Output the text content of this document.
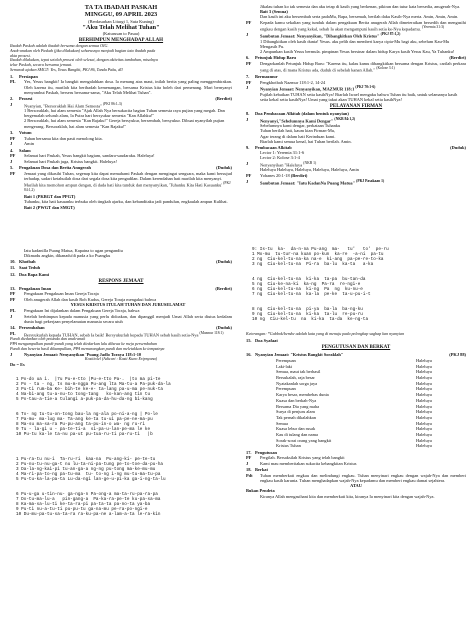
TA TA IBADAH PASKAH
MINGGU, 09 APRIL 2023
(Berdasarkan Liturgi 1, Suta Kuning)
"Aku Telah Melihat Tuhan"
(Katurusan to Pasaa)
BERHIMPUN MENGHADAP ALLAH
Ibadah Paskah adalah ibadah bersama dengan semua OIG.
Anak-anakan oleh Paskah (jika dilakukan) seharusnya menjadi bagian tata ibadah pada
akta prosesi.
Ibadah dilakukan, tepat setelah prosesi oleh selesai, dengan aktivitas tambahan, misalnya
telur Paskah, secara bersama jemaat.
Semarak ajakan SMGT: Yes, Yesus Bangkit, PKJ 86, Tanda Paku, dll
1.	Persiapan
PL	Yes, Yesus bangkit! Ia bangkit mengalahkan dosa. Ia menang atas maut, inilah berita yang paling menggembirakan. Oleh karena itu, marilah kita beribadah kemenangan, bersama Kristus kita boleh dari pemenang. Mari bernyanyi menyambut Paskah, berseru bersama-sama, "Aku Telah Melihat Tuhan".
2.	Prosesi	(Berdiri)
J	Nyanyian, "Bersoraklah Hai Alam Semesta" $^{(PKJ 86:1-3)}$
1 Bersoraklah, hai alam semesta "Ajak Allah Nya bersukacita bagian Tuhan semesta raya pujian yang megah. Dan bergemalah seluruh alam, Ia Putra hari bersyukur semesta "Kan Allahku!"
2 Bersoraklah, hai alam semesta "Kan Rajaku!" Gereja bersyukur, bersembah, bersyukur. Dibuat nyanyilah pujian mengerang. Bersoraklah, hai alam semesta "Kan Rajaku!"
3.	Votum
PF	Tuhan bersama kita dan pasti menolong kita.
J	Amin
4.	Salam
PF	Selamat hari Paskah, Yesus bangkit bagiam, sandara-saudaraku. Haleluya!
J	Selamat hari Paskah juga, Kristus bangkit. Haleluya!
5.	Pengakuan Dosa dan Berita Anugerah	(Duduk)
PF	Jemaat yang dikasihi Tuhan, segenap kita dapat memahami Paskah dengan mengingat sengsara, maka kami bersujud terhadap, sadari ketahuilah dosa dari segala dosa kita pengadilan. Dalam kerendahan hati marilah kita menyanyi.
Marilah kita memohon ampun dengan, di dada hati kita tunduk dan menyanyikan, 'Tuhanku Kita Hati Kasuanku' $^{(PKJ 84:1,2)}$
Bait 1 (PKBGT dan PPGT)
Tuhanku, kita hati kasuanku terbuka oleh tingkah ajarku, dan kebanditaku jadi pandulun, engkaulah ampun Kulihat.
Bait 2 (PWGT dan SMGT)
Iatu kadanilla Puang Matua, Kapaina to ugan pengandiu
Dikmadu angkin, dikanadu'di pada a ko Puangku
10. Khotbah	(Duduk)
11. Saat Teduh
12. Doa Bapa Kami
RESPONS JEMAAT
13. Pengakuan Iman	(Berdiri)
PF	Pengakuan Pengakuan Iman Gereja Toraja
PF	Oleh anugerah Allah dan kasih Roh Kudus, Gereja Toraja mengakui bahwa
YESUS KRISTUS ITULAH TUHAN DAN JURUSELAMAT
PL	Pengakuan Ini dijalankan dalam Pengakuan Gereja Toraja, bahwa
J	Setelah berhimpun kepada manusia yang perlu didoakan, dan dipanggil menjadi Umat Allah serta diutus kedalam dunia bagi pekerjaan penyelamatan manusia secara utuh
14. Persembahan	(Duduk)
PL	Bersyukurlah kepada TUHAN, sebab Ia baik! Bersyukurlah kepada TUHAN sebab kasih setia-Nya $^{(Mazmur 118:1)}$
Pundi diedarkan oleh petunda dan anak-anak
PPA mengumpulkan pundi-pundi yang telah diedarkan lalu dibawa ke meja persembahan
Pundi dan beserta hasil dikumpulkan, PPA memarangkan pundi dan meletakkan ke tempatnya
J	Nyanyian Jemaat: Nenyanyikan 'Puang Jadlo Toraya 118:1-10
Kositiolel (Adicari : Kasti Kuno Eripnyana)
Do = Es

1 Po-do ua i.  |7u Pu-e-tto |Pu-e-tto Pa-.  |to ma pi-te
2 Po - ta - ng, ts mu-m-ngga Pu-ang lta Ma-tu-a Pa-puk-da-la
3 Pu-ti rum-ba Ke- bih-te ke-e- ta-lang pa-u-ma pe-nuk-ta
4 Na-bi-ang tu-a-nu-to tong-tang   ko-kan-ang tin tu
5 Po-tau-a-tie-a tulangi a-puk-pa-da-hu-da-ng bi-kang

6 To- ng tu-tu-on-tong bau-la ng-ala po-ni-a-ng | Po-le
7 Pa-mu- ma-lug ma- Ta-ang ke-ta tu-ui pa-pe-ne-ma-pu
8 Ma-su ma-sa-ra Pu-pu-ang ta-pu-in-o wa- ng ru-ri
9 Tu - la-gi u - pa-te-ti-a  si-pa-u-lan-pe-ma le ke
10 Pu-tu ka-le ta-nu pa-ut pu-tua-ru-ti pa-ru-ti   |b

1 Pu-ra-tu nu-i  Ta-ru-ri  kaa-na  Pu-ang-ki- pe-te-tu
2 Pu-nu-tu-nu-ga-t nu lu-ta-ni-pa-tung pe-to-toe-da-pu-ha
3 Da-la-ng-kai-pi tu-an-ga-a ng-ng pu-tong ma-ke-mu-mu
4 Ma-ri-pa-to-ng pa-tu-ma  tu- to-ng i-ng mu-tu-ma-tu-pa
5 Pu-tu-ka-la-pa-ta Lu-da-ngi lan-ge-u-pi-ka ga-i-ng-ta-lu

6 Pu-u-ga u-tin-nu- ga-nga-n Pa-ong-a ma-ta-ru-pa-ra-pa
7 Do-tu-ma-lu-a   pin-gang-a  Pa-ka-ra-pe-te ku-pa-sa-ma
8 Ka-ma-sa-lu-ti ke-ta-ra-pi pa-ta-ta pa-no-ta ya-ba
9 Pu-ti nu-a-tu-ti pu-pu-tu ga-na-mu pe-ra-po-ngi-e
10 Du-mu-pa-tu-sa-ta-ra ra-ku-pa-ne a-lam-a-ta le-ra-kin

Jikalau tuhan ko tak semesta dan aku tetap di kasih yang berkenan, pikiran dan tutur kata bersedia, anugerah-Nya.
Bait 3 (Semua)
Dan kasih ini aku bersembah serta padaMu, Bapa, bersemah, berilah daku Kasih-Nya merta. Amin, Amin, Amin.
PF	Kepada kamu sekalian yang tunduk dalam pengakuan Berita anugerah Allah dimeteraikan bersedih dan mengasihi engkau dengan kasih yang kekal, sebab Ia akan mengampuni kasih setia ke-Nya kepadamu. $^{(Yeremia 31:3)}$
J	Sambutan Jemaat: Nenyanyikan, "Dibangkitkan Oleh Kristus" $^{(PKJ 87:1,2)}$
1 Dibangkitkan oleh kasih dunia! Yesus. aku pelih dan memberi karya cipta-Mu bagi aku, sebelum Kau-Mu Mengasih Pu.
2 Ampunkan kasih Yesus bermula. pimpinan Yesus bersinar dalam hidup Karya kasih Yesus Kau, Ya Tuhanku!
6.	Petunjuk Hidup Baru	(Berdiri)
PF	Dengarkanlah Petunjuk Hidup Baru: "Karena itu, kalau kamu dibangkitkan bersama dengan Kristus, carilah perkara yang di atas, di mana Kristus ada, duduk di sebelah kanan Allah." $^{(Kolose 3:1)}$
7.	Bermazmur
PF	Pengkhotbah Nazmur 118:1-2, 14-24
J	Nyanyian Jemaat: Nenyanyikan, MAZMUR 118:1 $^{(PKJ 70:1-6)}$
Pujilah kebaikan TUHAN setia kasihNya! Biarlah Israel mengaku bahwa Tuhan itu baik, untuk selamanya kasih setia kekal setia kasihNya! Umat yang takut akan TUHAN kekal setia kasihNya!
PELAYANAN FIRMAN
8.	Doa Pembacaan Alkitab (dalam bentuk nyanyian)
J	Nenyanyi,"Sebelumnya Kami Dengar" $^{(NKB 84:1,2)}$
Sebelumnya kami dengar, perkataan Tuhanku
Tuhan berilah hati, kaum kian Firman-Mu,
Agar terang di dalam hati Kerinduan kami.
Biarlah kami semua kenal, hai Tuhan berilah. Amin.
9.	Pembacaan Alkitab	(Duduk)
Lector 1: Yeremia 31:1-6
Lector 2: Kolose 3:1-4
J	Nenyanyikan "Haleluya $^{(NKB 1)}$
Haleluya Haleluya, Haleluya, Haleluya, Haleluya, Amin
PF	Yohanes 20:1-18 (Berdiri)
J	Sambutan Jemaat: "Iatu KadanNa Puang Matua" $^{(PKJ Pasakaan 1)}$

9: Is-tu  ka-  da-n-na Pu-ang  ma-   tu'   to'  pe-ru
1 Mo-mu  tu-tur-na kuan po-kun  ka-re  -a-ni  pa-tu
2 ng  Ciu-kel-tu-na-ka na-e  ki-ang  pa-pe-re-to-ka
3 ng  Ciu-kel-tu-na  Pi-ra  ba-lu  ka-ta   a-ka

4 ng  Ciu-kel-tu-na  ki-ka  ta-pa  bu-tan-da
5 ng  Ciu-ke-na-ki  ka-ng  Pa-ra  re-ngi-e
6 ng  Ciu-kel-tu-na  ki-ng  Pa  ng  ku-nu-e
7 ng  Ciu-kel-tu-na  ka-la  pe-ke  ta-u-pu-i-t

8 ng  Ciu-kel-tu-na  pi-ya  ba-la  ba-ng-ku
9 ng  Ciu-kel-tu-na  ki-ka  ta-lu  re-pu-ru
10 ng  Ciu-kel-tu  na  ki-ka  ta-da  ke-ng-ta

Keterangan: *Gabbok/bembe adalah kata yang di menuju pada pelengkap saghap kan nyanyian
15. Doa Syafaat
PENGUTUSAN DAN BERKAT
16. Nyanyian Jemaat: "Kristus Bangkit Soraklah"	(PKJ 88)
Perempuan	Haleluya
Laki-laki	Haleluya
Semua, maut tak berhasil	Haleluya
Bersukalah, raja besar	Haleluya
Nyatakanlah sorga jaya	Haleluya
Perempuan	Haleluya
Karya besar, membebas dunia	Haleluya
Kuasa dan berkah-Nya	Haleluya
Bersama Dia yang maha	Haleluya
Surya di penjuru alam	Haleluya
Tak pernah dikalahkan	Haleluya
Semua	Haleluya
Kuasa lebur dan rusak	Haleluya
Kau di tulang dan nama	Haleluya
Sorak-sorai orang yang bangkit	Haleluya
Kristus Tuhan	Haleluya
17. Pengutusan
PF	Pergilah. Bersaksilah Kristus yang telah bangkit
J	Kami mau memberitakan sukacita kebangkitan Kristus
18. Berkat
Pdt	Tuhan memberkati engkau dan melindungi engkau. Tuhan menyinari engkau dengan wajah-Nya dan memberi engkau kasih karunia. Tuhan menghadapkan wajah-Nya kepadamu dan memberi engkau damai sejahtera.
ATAU
Bukan Pendeta
Kiranya Allah mengasihani kita dan memberkati kita, kiranya Ia menyinari kita dengan wajah-Nya.
